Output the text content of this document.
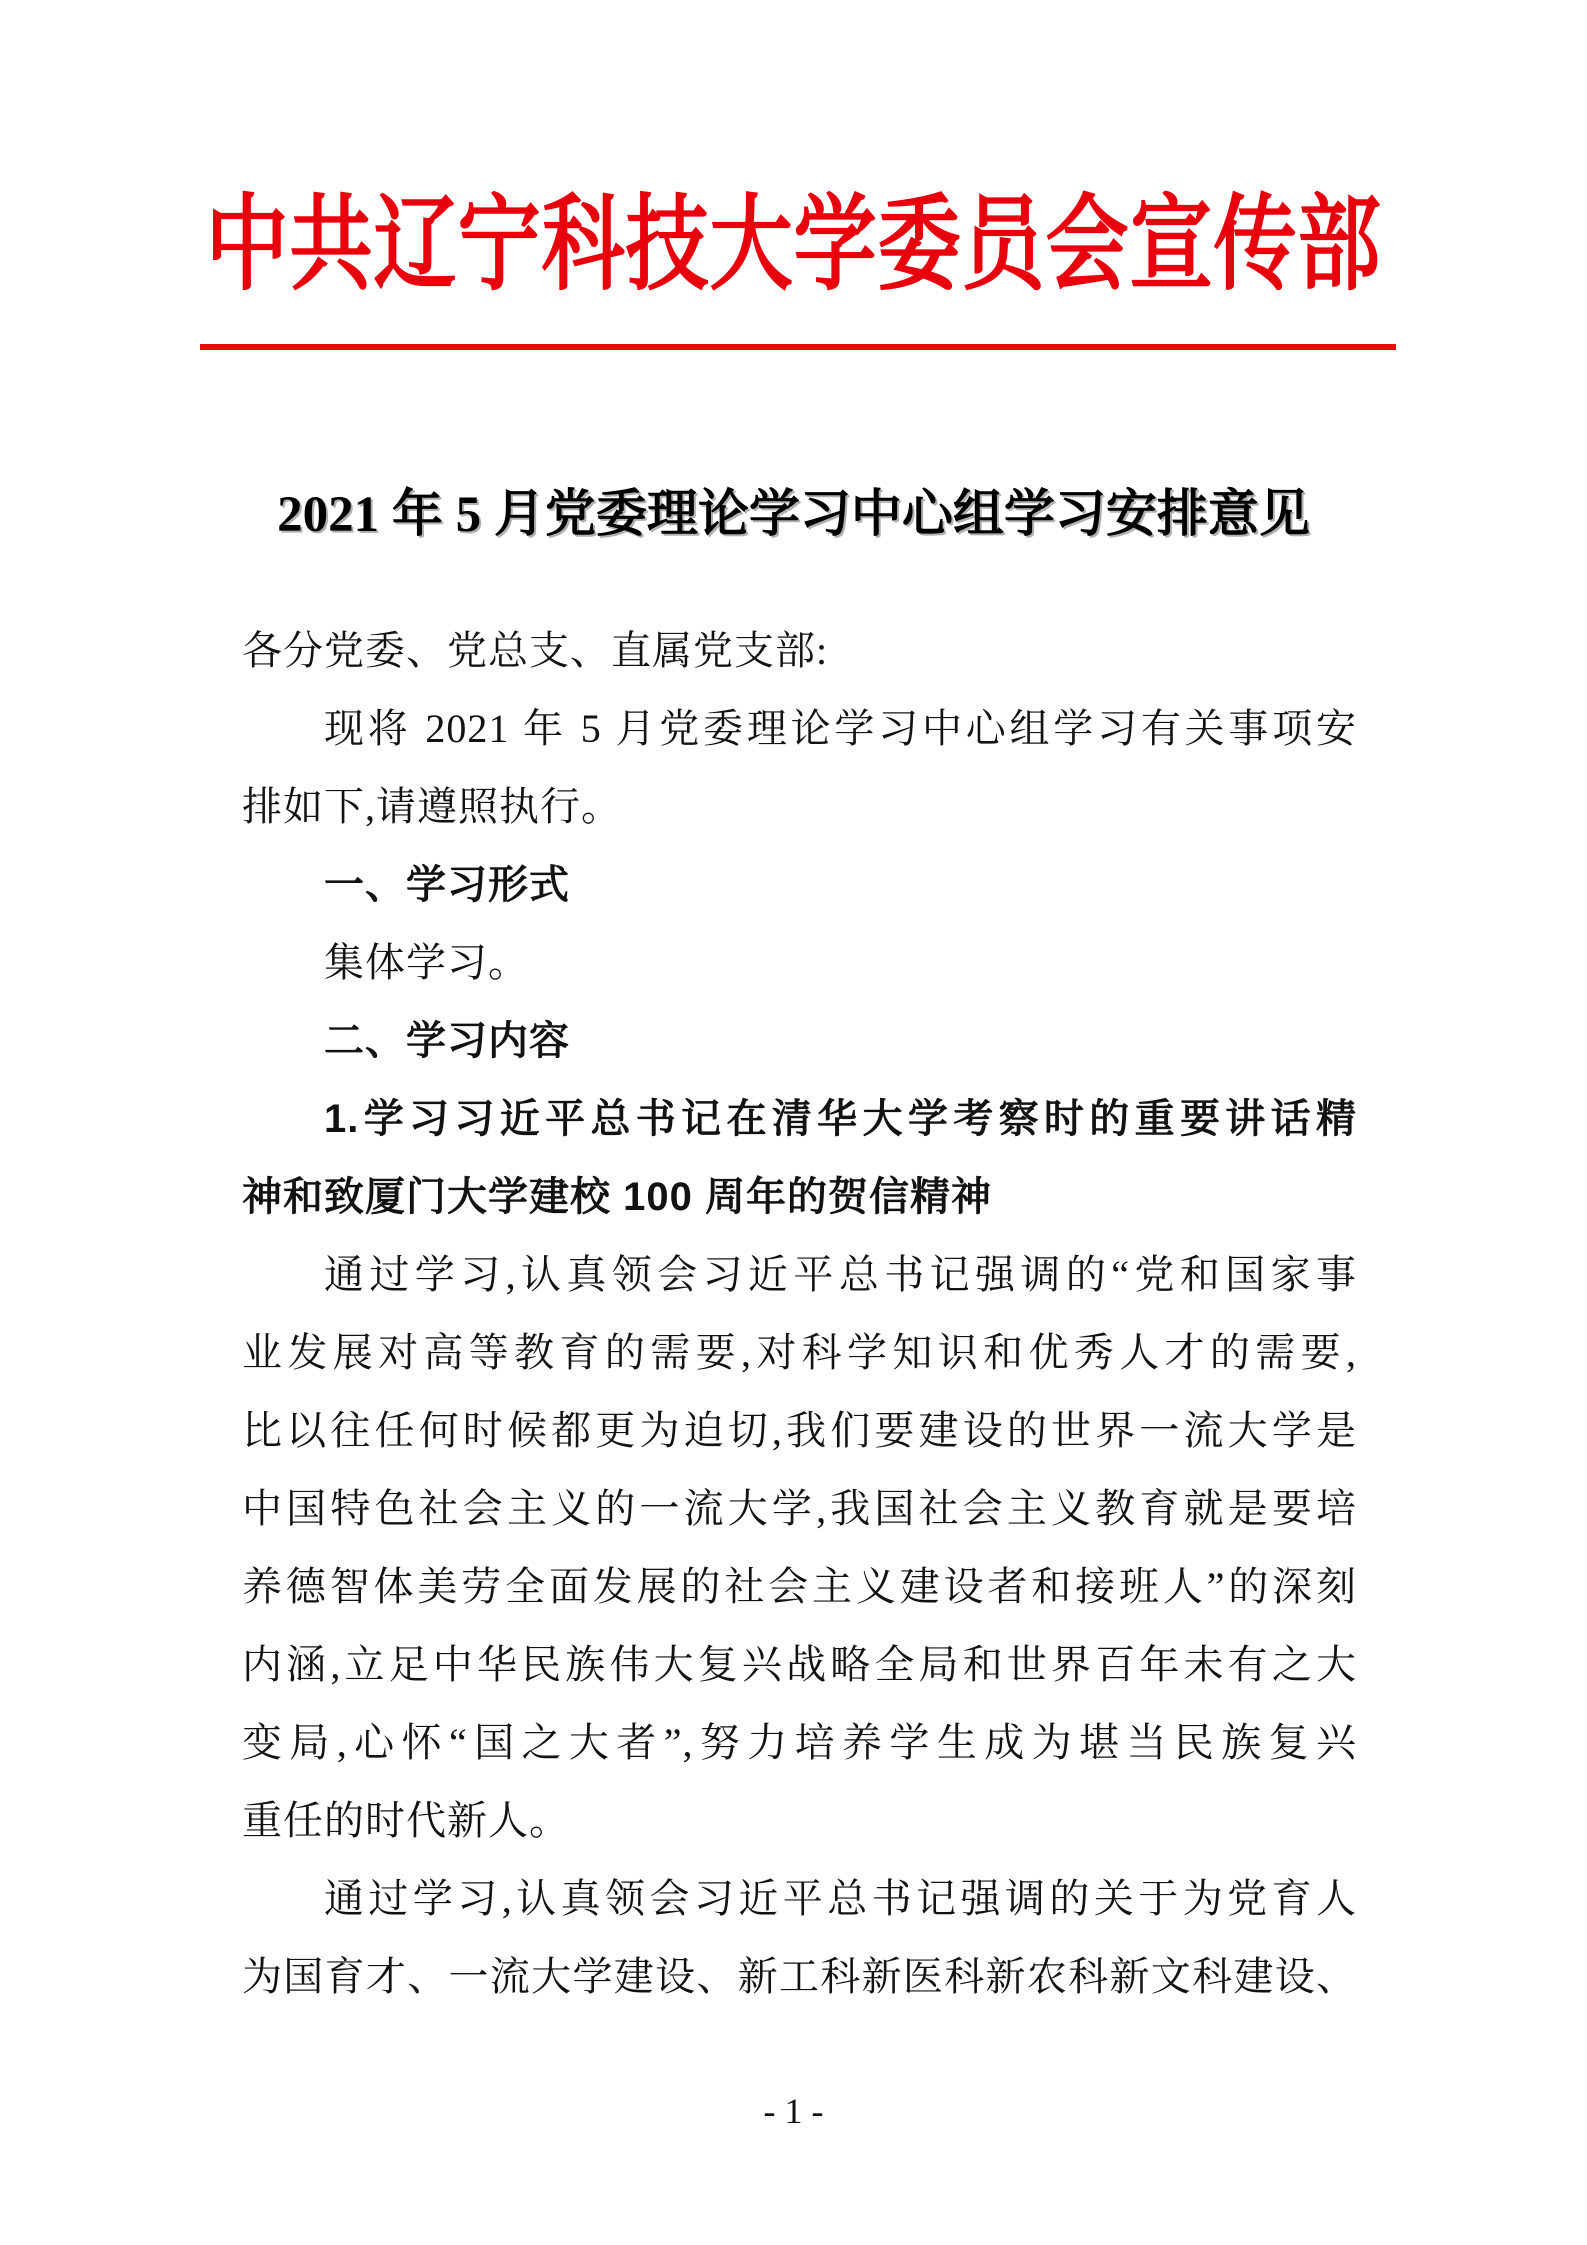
中共辽宁科技大学委员会宣传部
2021 年 5 月党委理论学习中心组学习安排意见
各分党委、党总支、直属党支部:
现将 2021 年 5 月党委理论学习中心组学习有关事项安
排如下,请遵照执行。
一、学习形式
集体学习。
二、学习内容
1.学习习近平总书记在清华大学考察时的重要讲话精
神和致厦门大学建校 100 周年的贺信精神
通过学习,认真领会习近平总书记强调的“党和国家事
业发展对高等教育的需要,对科学知识和优秀人才的需要,
比以往任何时候都更为迫切,我们要建设的世界一流大学是
中国特色社会主义的一流大学,我国社会主义教育就是要培
养德智体美劳全面发展的社会主义建设者和接班人”的深刻
内涵,立足中华民族伟大复兴战略全局和世界百年未有之大
变局,心怀“国之大者”,努力培养学生成为堪当民族复兴
重任的时代新人。
通过学习,认真领会习近平总书记强调的关于为党育人
为国育才、一流大学建设、新工科新医科新农科新文科建设、
- 1 -
